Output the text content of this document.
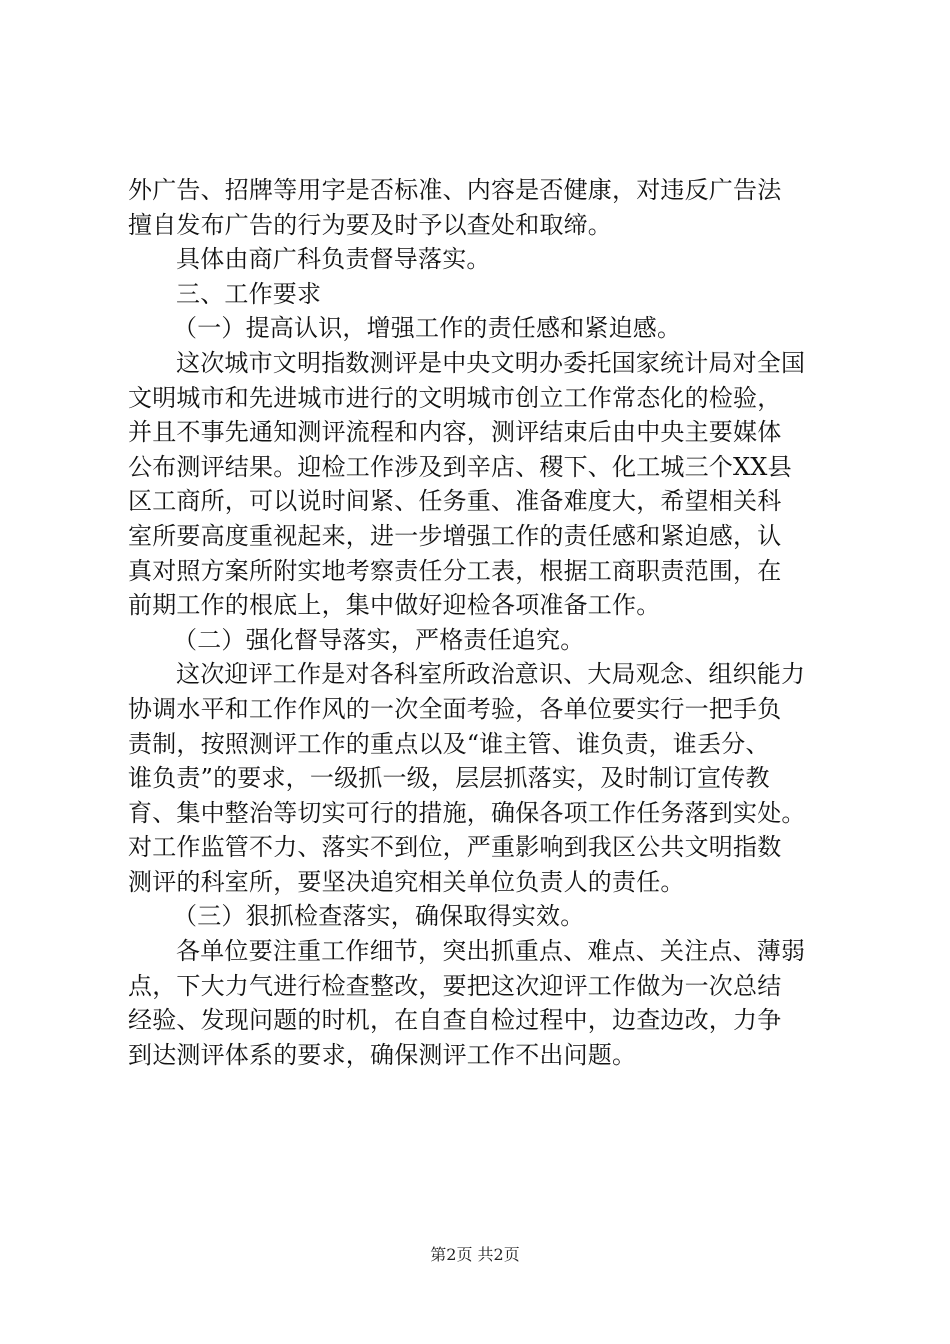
外广告、招牌等用字是否标准、内容是否健康，对违反广告法
擅自发布广告的行为要及时予以查处和取缔。
具体由商广科负责督导落实。
三、工作要求
（一）提高认识，增强工作的责任感和紧迫感。
这次城市文明指数测评是中央文明办委托国家统计局对全国
文明城市和先进城市进行的文明城市创立工作常态化的检验，
并且不事先通知测评流程和内容，测评结束后由中央主要媒体
公布测评结果。迎检工作涉及到辛店、稷下、化工城三个XX县
区工商所，可以说时间紧、任务重、准备难度大，希望相关科
室所要高度重视起来，进一步增强工作的责任感和紧迫感，认
真对照方案所附实地考察责任分工表，根据工商职责范围，在
前期工作的根底上，集中做好迎检各项准备工作。
（二）强化督导落实，严格责任追究。
这次迎评工作是对各科室所政治意识、大局观念、组织能力
协调水平和工作作风的一次全面考验，各单位要实行一把手负
责制，按照测评工作的重点以及“谁主管、谁负责，谁丢分、
谁负责”的要求，一级抓一级，层层抓落实，及时制订宣传教
育、集中整治等切实可行的措施，确保各项工作任务落到实处。
对工作监管不力、落实不到位，严重影响到我区公共文明指数
测评的科室所，要坚决追究相关单位负责人的责任。
（三）狠抓检查落实，确保取得实效。
各单位要注重工作细节，突出抓重点、难点、关注点、薄弱
点，下大力气进行检查整改，要把这次迎评工作做为一次总结
经验、发现问题的时机，在自查自检过程中，边查边改，力争
到达测评体系的要求，确保测评工作不出问题。
第2页 共2页
